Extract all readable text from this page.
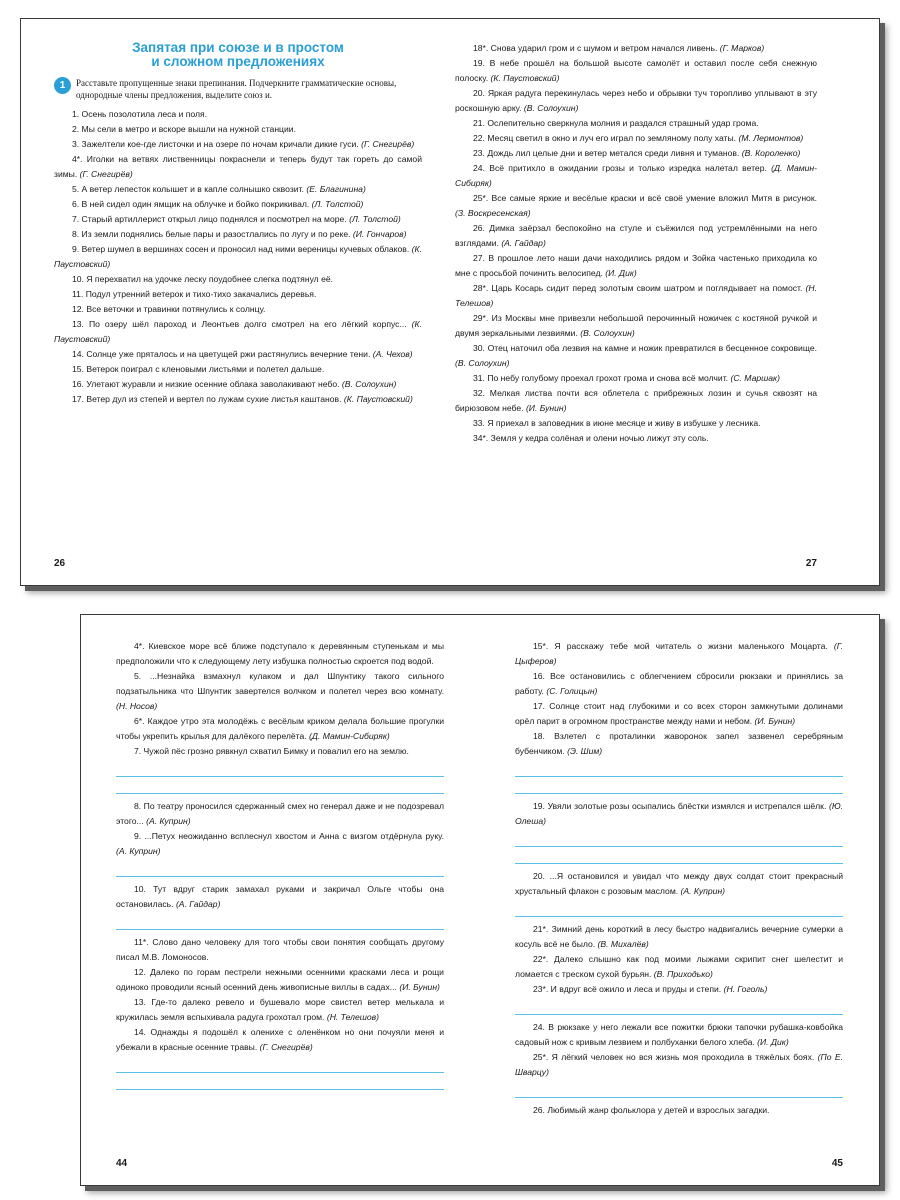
Запятая при союзе и в простом
и сложном предложениях
1	Расставьте пропущенные знаки препинания. Подчеркните грамматические основы, однородные члены предложения, выделите союз и.
1. Осень позолотила леса и поля.
2. Мы сели в метро и вскоре вышли на нужной станции.
3. Зажелтели кое-где листочки и на озере по ночам кричали дикие гуси. (Г. Снегирёв)
4*. Иголки на ветвях лиственницы покраснели и теперь будут так гореть до самой зимы. (Г. Снегирёв)
5. А ветер лепесток колышет и в капле солнышко сквозит. (Е. Благинина)
6. В ней сидел один ямщик на облучке и бойко покрикивал. (Л. Толстой)
7. Старый артиллерист открыл лицо поднялся и посмотрел на море. (Л. Толстой)
8. Из земли поднялись белые пары и разостлались по лугу и по реке. (И. Гончаров)
9. Ветер шумел в вершинах сосен и проносил над ними вереницы кучевых облаков. (К. Паустовский)
10. Я перехватил на удочке леску поудобнее слегка подтянул её.
11. Подул утренний ветерок и тихо-тихо закачались деревья.
12. Все веточки и травинки потянулись к солнцу.
13. По озеру шёл пароход и Леонтьев долго смотрел на его лёгкий корпус... (К. Паустовский)
14. Солнце уже пряталось и на цветущей ржи растянулись вечерние тени. (А. Чехов)
15. Ветерок поиграл с кленовыми листьями и полетел дальше.
16. Улетают журавли и низкие осенние облака заволакивают небо. (В. Солоухин)
17. Ветер дул из степей и вертел по лужам сухие листья каштанов. (К. Паустовский)
26
18*. Снова ударил гром и с шумом и ветром начался ливень. (Г. Марков)
19. В небе прошёл на большой высоте самолёт и оставил после себя снежную полоску. (К. Паустовский)
20. Яркая радуга перекинулась через небо и обрывки туч торопливо уплывают в эту роскошную арку. (В. Солоухин)
21. Ослепительно сверкнула молния и раздался страшный удар грома.
22. Месяц светил в окно и луч его играл по земляному полу хаты. (М. Лермонтов)
23. Дождь лил целые дни и ветер метался среди ливня и туманов. (В. Короленко)
24. Всё притихло в ожидании грозы и только изредка налетал ветер. (Д. Мамин-Сибиряк)
25*. Все самые яркие и весёлые краски и всё своё умение вложил Митя в рисунок. (З. Воскресенская)
26. Димка заёрзал беспокойно на стуле и съёжился под устремлёнными на него взглядами. (А. Гайдар)
27. В прошлое лето наши дачи находились рядом и Зойка частенько приходила ко мне с просьбой починить велосипед. (И. Дик)
28*. Царь Косарь сидит перед золотым своим шатром и поглядывает на помост. (Н. Телешов)
29*. Из Москвы мне привезли небольшой перочинный ножичек с костяной ручкой и двумя зеркальными лезвиями. (В. Солоухин)
30. Отец наточил оба лезвия на камне и ножик превратился в бесценное сокровище. (В. Солоухин)
31. По небу голубому проехал грохот грома и снова всё молчит. (С. Маршак)
32. Мелкая листва почти вся облетела с прибрежных лозин и сучья сквозят на бирюзовом небе. (И. Бунин)
33. Я приехал в заповедник в июне месяце и живу в избушке у лесника.
34*. Земля у кедра солёная и олени ночью лижут эту соль.
27
4*. Киевское море всё ближе подступало к деревянным ступенькам и мы предположили что к следующему лету избушка полностью скроется под водой.
5. ...Незнайка взмахнул кулаком и дал Шпунтику такого сильного подзатыльника что Шпунтик завертелся волчком и полетел через всю комнату. (Н. Носов)
6*. Каждое утро эта молодёжь с весёлым криком делала большие прогулки чтобы укрепить крылья для далёкого перелёта. (Д. Мамин-Сибиряк)
7. Чужой пёс грозно рявкнул схватил Бимку и повалил его на землю.
8. По театру проносился сдержанный смех но генерал даже и не подозревал этого... (А. Куприн)
9. ...Петух неожиданно всплеснул хвостом и Анна с визгом отдёрнула руку. (А. Куприн)
10. Тут вдруг старик замахал руками и закричал Ольге чтобы она остановилась. (А. Гайдар)
11*. Слово дано человеку для того чтобы свои понятия сообщать другому писал М.В. Ломоносов.
12. Далеко по горам пестрели нежными осенними красками леса и рощи одиноко проводили ясный осенний день живописные виллы в садах... (И. Бунин)
13. Где-то далеко ревело и бушевало море свистел ветер мелькала и кружилась земля вспыхивала радуга грохотал гром. (Н. Телешов)
14. Однажды я подошёл к оленихе с оленёнком но они почуяли меня и убежали в красные осенние травы. (Г. Снегирёв)
44
15*. Я расскажу тебе мой читатель о жизни маленького Моцарта. (Г. Цыферов)
16. Все остановились с облегчением сбросили рюкзаки и принялись за работу. (С. Голицын)
17. Солнце стоит над глубокими и со всех сторон замкнутыми долинами орёл парит в огромном пространстве между нами и небом. (И. Бунин)
18. Взлетел с проталинки жаворонок запел зазвенел серебряным бубенчиком. (Э. Шим)
19. Увяли золотые розы осыпались блёстки измялся и истрепался шёлк. (Ю. Олеша)
20. ...Я остановился и увидал что между двух солдат стоит прекрасный хрустальный флакон с розовым маслом. (А. Куприн)
21*. Зимний день короткий в лесу быстро надвигались вечерние сумерки а косуль всё не было. (В. Михалёв)
22*. Далеко слышно как под моими лыжами скрипит снег шелестит и ломается с треском сухой бурьян. (В. Приходько)
23*. И вдруг всё ожило и леса и пруды и степи. (Н. Гоголь)
24. В рюкзаке у него лежали все пожитки брюки тапочки рубашка-ковбойка садовый нож с кривым лезвием и полбуханки белого хлеба. (И. Дик)
25*. Я лёгкий человек но вся жизнь моя проходила в тяжёлых боях. (По Е. Шварцу)
26. Любимый жанр фольклора у детей и взрослых загадки.
45
